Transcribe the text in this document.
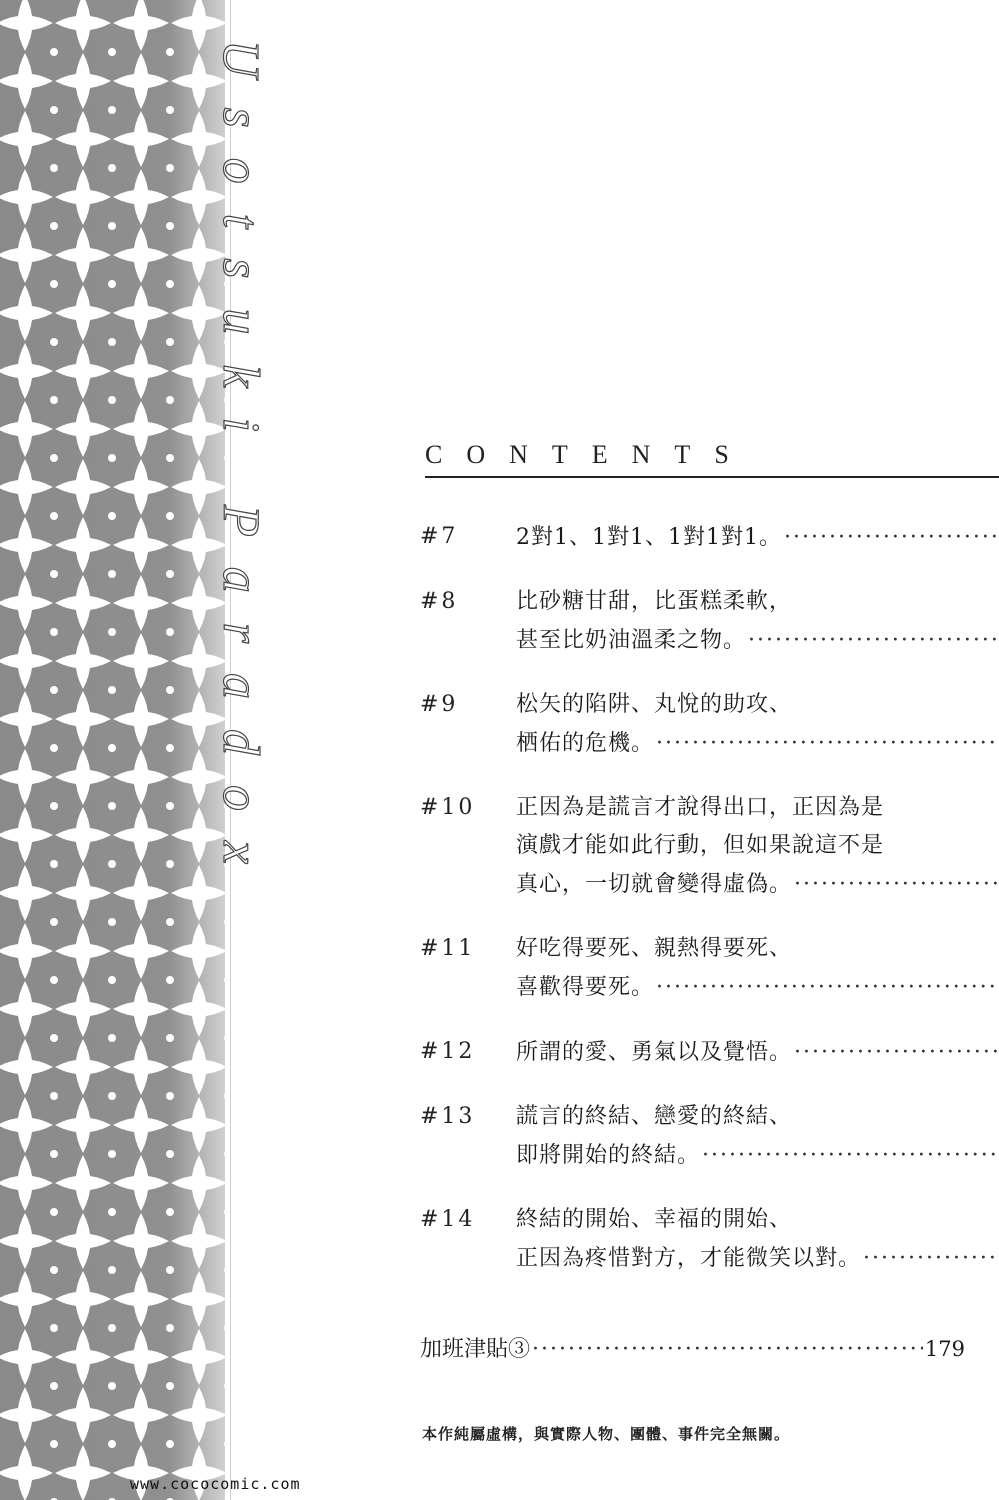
Usotsuki Paradox	CONTENTS
#7	2對1、1對1、1對1對1。
·····
#8	比砂糖甘甜，比蛋糕柔軟，
甚至比奶油溫柔之物。
·····
#9	松矢的陷阱、丸悅的助攻、
栖佑的危機。
·····
#10	正因為是謊言才說得出口，正因為是
演戲才能如此行動，但如果說這不是
真心，一切就會變得虛偽。
·····
#11	好吃得要死、親熱得要死、
喜歡得要死。
·····
#12	所謂的愛、勇氣以及覺悟。
·····
#13	謊言的終結、戀愛的終結、
即將開始的終結。
·····
#14	終結的開始、幸福的開始、
正因為疼惜對方，才能微笑以對。
·····
加班津貼③
·····	179
本作純屬虛構，與實際人物、團體、事件完全無關。
www.cococomic.com
